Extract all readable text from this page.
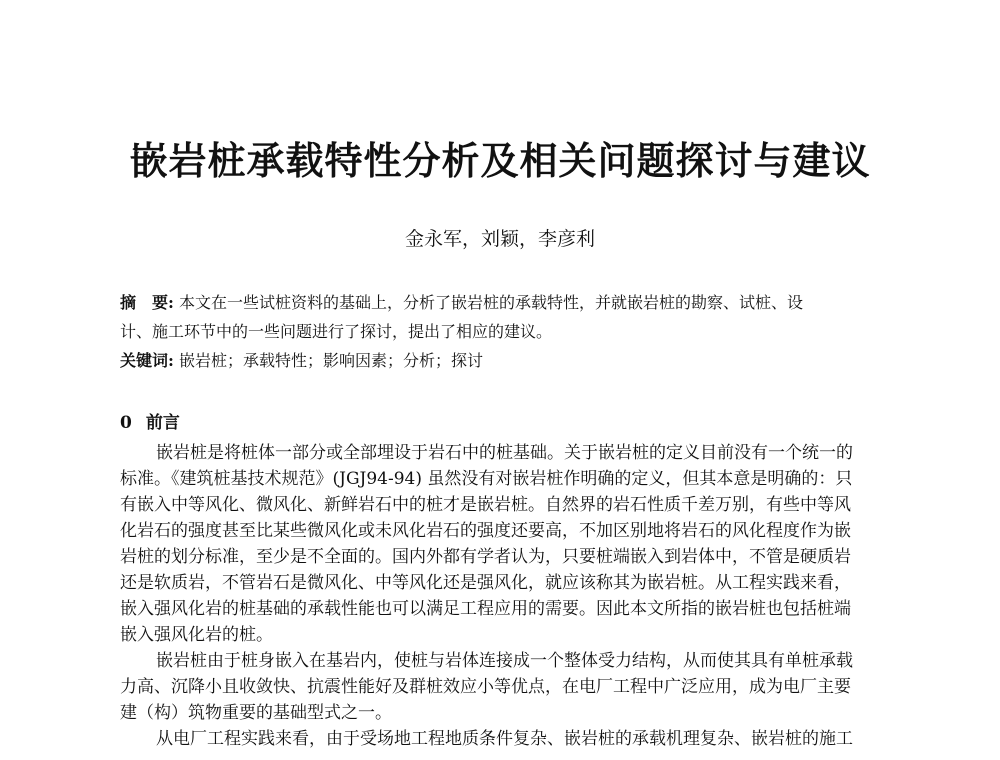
嵌岩桩承载特性分析及相关问题探讨与建议
金永军，刘颖，李彦利
摘　要: 本文在一些试桩资料的基础上，分析了嵌岩桩的承载特性，并就嵌岩桩的勘察、试桩、设
计、施工环节中的一些问题进行了探讨，提出了相应的建议。
关键词: 嵌岩桩；承载特性；影响因素；分析；探讨
0 前言
嵌岩桩是将桩体一部分或全部埋设于岩石中的桩基础。关于嵌岩桩的定义目前没有一个统一的
标准。《建筑桩基技术规范》(JGJ94-94) 虽然没有对嵌岩桩作明确的定义，但其本意是明确的：只
有嵌入中等风化、微风化、新鲜岩石中的桩才是嵌岩桩。自然界的岩石性质千差万别，有些中等风
化岩石的强度甚至比某些微风化或未风化岩石的强度还要高，不加区别地将岩石的风化程度作为嵌
岩桩的划分标准，至少是不全面的。国内外都有学者认为，只要桩端嵌入到岩体中，不管是硬质岩
还是软质岩，不管岩石是微风化、中等风化还是强风化，就应该称其为嵌岩桩。从工程实践来看，
嵌入强风化岩的桩基础的承载性能也可以满足工程应用的需要。因此本文所指的嵌岩桩也包括桩端
嵌入强风化岩的桩。
嵌岩桩由于桩身嵌入在基岩内，使桩与岩体连接成一个整体受力结构，从而使其具有单桩承载
力高、沉降小且收敛快、抗震性能好及群桩效应小等优点，在电厂工程中广泛应用，成为电厂主要
建（构）筑物重要的基础型式之一。
从电厂工程实践来看，由于受场地工程地质条件复杂、嵌岩桩的承载机理复杂、嵌岩桩的施工
